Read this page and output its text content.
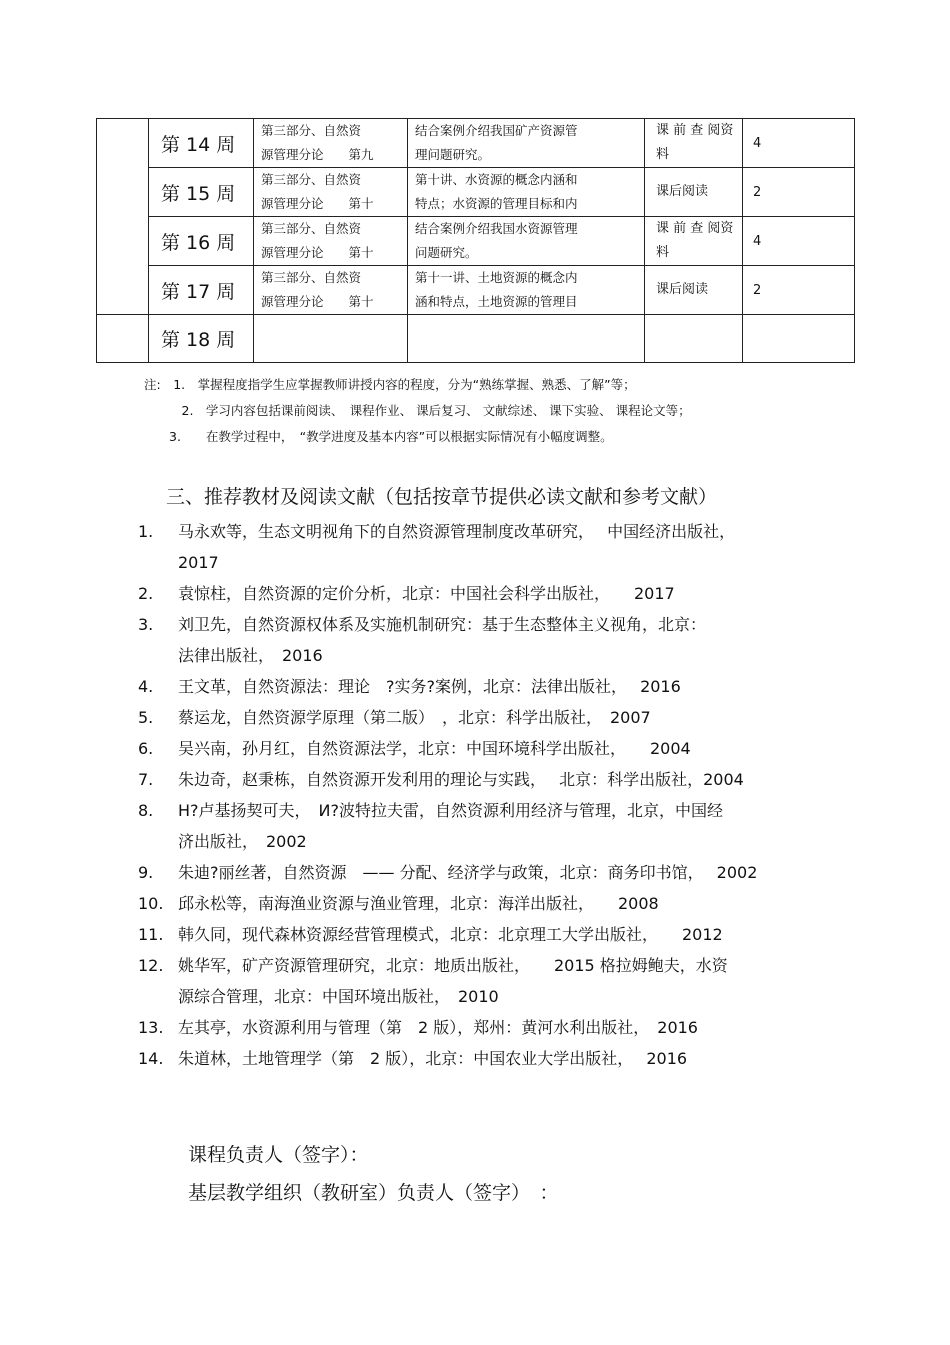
	第 14 周	第三部分、自然资
源管理分论　　第九	结合案例介绍我国矿产资源管
理问题研究。	课 前 查 阅资料	4
	第 15 周	第三部分、自然资
源管理分论　　第十	第十讲、水资源的概念内涵和
特点；水资源的管理目标和内	课后阅读	2
	第 16 周	第三部分、自然资
源管理分论　　第十	结合案例介绍我国水资源管理
问题研究。	课 前 查 阅资料	4
	第 17 周	第三部分、自然资
源管理分论　　第十	第十一讲、土地资源的概念内
涵和特点，土地资源的管理目	课后阅读	2
	第 18 周	

注:　1.　掌握程度指学生应掌握教师讲授内容的程度，分为“熟练掌握、熟悉、了解”等；
　　　2.　学习内容包括课前阅读、　课程作业、 课后复习、 文献综述、 课下实验、 课程论文等；
　　3.　　在教学过程中，　“教学进度及基本内容”可以根据实际情况有小幅度调整。
三、推荐教材及阅读文献（包括按章节提供必读文献和参考文献）
1.	马永欢等，生态文明视角下的自然资源管理制度改革研究，　 中国经济出版社，
2017
2.	袁惊柱，自然资源的定价分析，北京：中国社会科学出版社，　　2017
3.	刘卫先，自然资源权体系及实施机制研究：基于生态整体主义视角，北京：
法律出版社，　2016
4.	王文革，自然资源法：理论　?实务?案例，北京：法律出版社，　 2016
5.	蔡运龙，自然资源学原理（第二版）　，北京：科学出版社，　2007
6.	吴兴南，孙月红，自然资源法学，北京：中国环境科学出版社，　　2004
7.	朱边奇，赵秉栋，自然资源开发利用的理论与实践，　 北京：科学出版社，2004
8.	Н?卢基扬契可夫，　И?波特拉夫雷，自然资源利用经济与管理，北京，中国经
济出版社，　2002
9.	朱迪?丽丝著，自然资源　—— 分配、经济学与政策，北京：商务印书馆，　 2002
10. 邱永松等，南海渔业资源与渔业管理，北京：海洋出版社，　　2008
11. 韩久同，现代森林资源经营管理模式，北京：北京理工大学出版社，　　2012
12. 姚华军，矿产资源管理研究，北京：地质出版社，　　2015 格拉姆鲍夫，水资
源综合管理，北京：中国环境出版社，　2010
13. 左其亭，水资源利用与管理（第　2 版），郑州：黄河水利出版社，　2016
14. 朱道林，土地管理学（第　2 版），北京：中国农业大学出版社，　 2016
课程负责人（签字）：
基层教学组织（教研室）负责人（签字）　：
